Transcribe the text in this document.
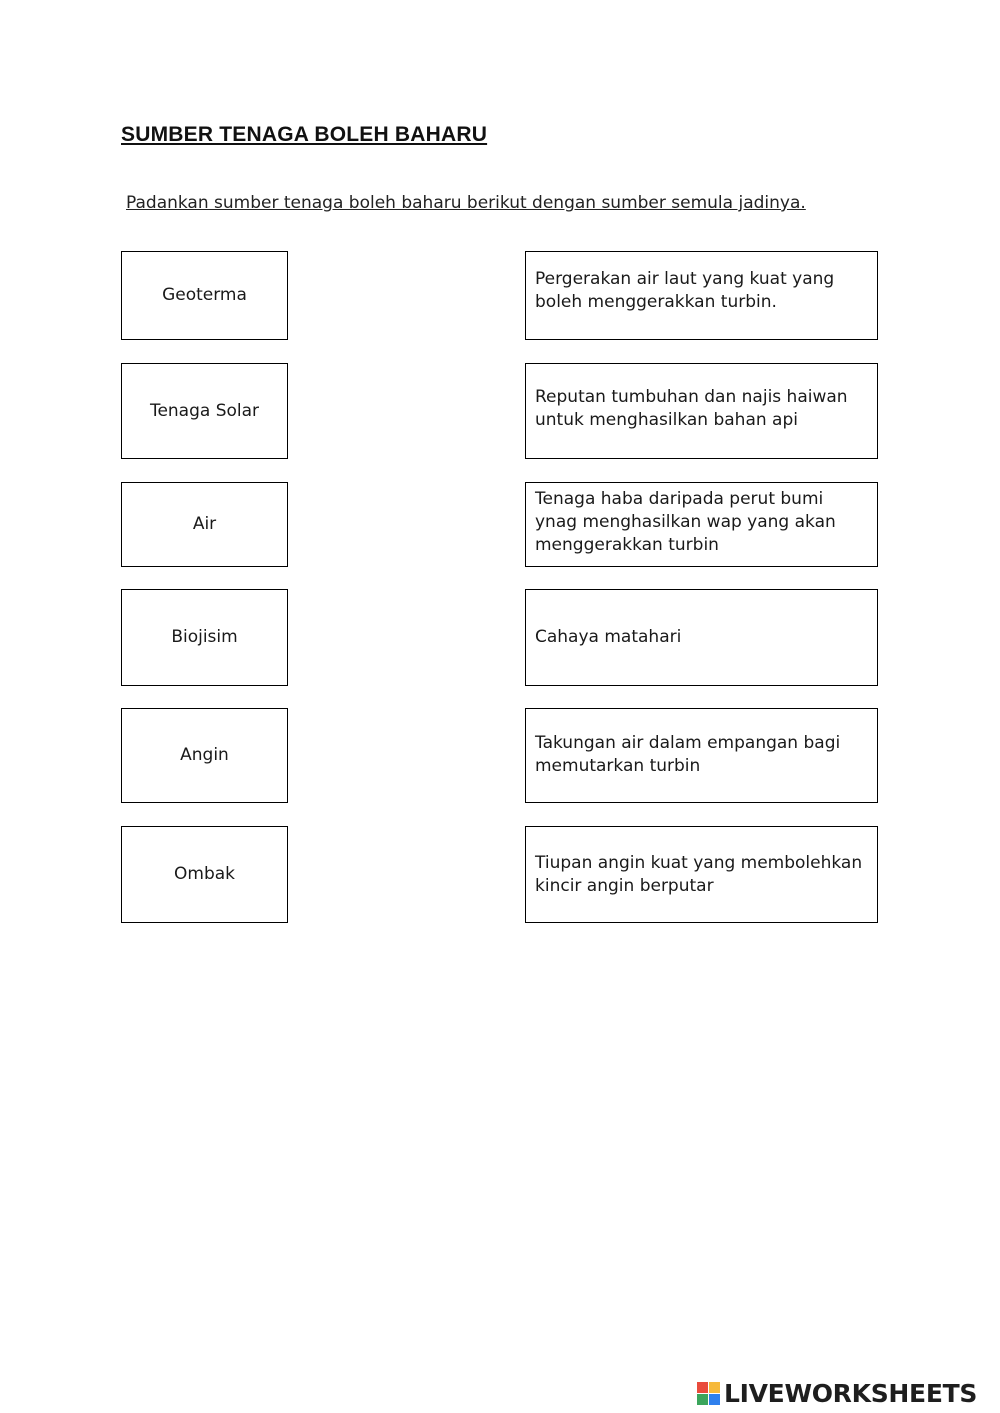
SUMBER TENAGA BOLEH BAHARU
Padankan sumber tenaga boleh baharu berikut dengan sumber semula jadinya.
Geoterma
Tenaga Solar
Air
Biojisim
Angin
Ombak
Pergerakan air laut yang kuat yang boleh menggerakkan turbin.
Reputan tumbuhan dan najis haiwan untuk menghasilkan bahan api
Tenaga haba daripada perut bumi ynag menghasilkan wap yang akan menggerakkan turbin
Cahaya matahari
Takungan air dalam empangan bagi memutarkan turbin
Tiupan angin kuat yang membolehkan kincir angin berputar
LIVEWORKSHEETS
